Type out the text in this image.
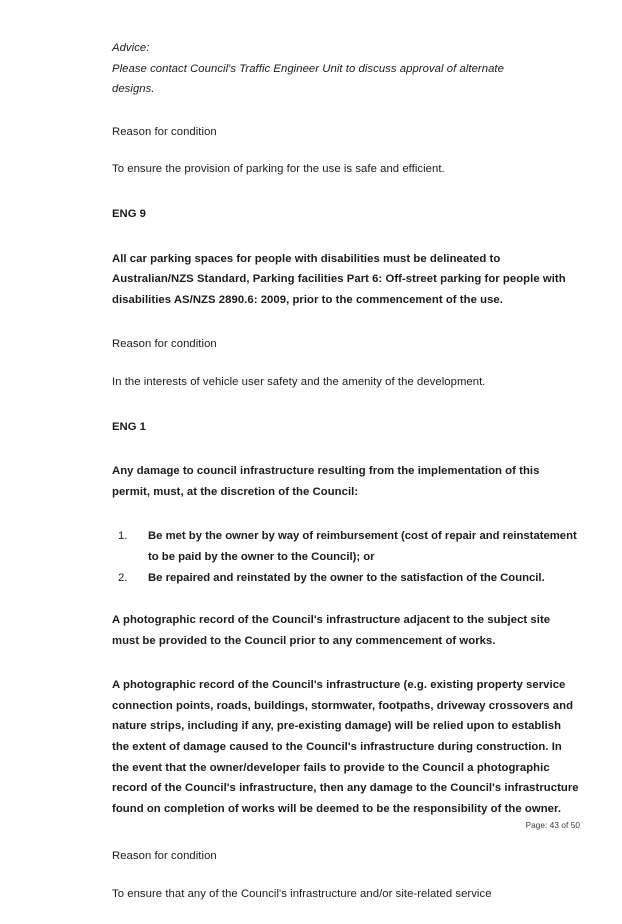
Advice:
Please contact Council's Traffic Engineer Unit to discuss approval of alternate
designs.

Reason for condition

To ensure the provision of parking for the use is safe and efficient.

ENG 9

All car parking spaces for people with disabilities must be delineated to Australian/NZS Standard, Parking facilities Part 6: Off-street parking for people with disabilities AS/NZS 2890.6: 2009, prior to the commencement of the use.

Reason for condition

In the interests of vehicle user safety and the amenity of the development.

ENG 1

Any damage to council infrastructure resulting from the implementation of this permit, must, at the discretion of the Council:

1. Be met by the owner by way of reimbursement (cost of repair and reinstatement to be paid by the owner to the Council); or
2. Be repaired and reinstated by the owner to the satisfaction of the Council.

A photographic record of the Council's infrastructure adjacent to the subject site must be provided to the Council prior to any commencement of works.

A photographic record of the Council's infrastructure (e.g. existing property service connection points, roads, buildings, stormwater, footpaths, driveway crossovers and nature strips, including if any, pre-existing damage) will be relied upon to establish the extent of damage caused to the Council's infrastructure during construction. In the event that the owner/developer fails to provide to the Council a photographic record of the Council's infrastructure, then any damage to the Council's infrastructure found on completion of works will be deemed to be the responsibility of the owner.

Reason for condition

To ensure that any of the Council's infrastructure and/or site-related service

Page: 43 of 50
